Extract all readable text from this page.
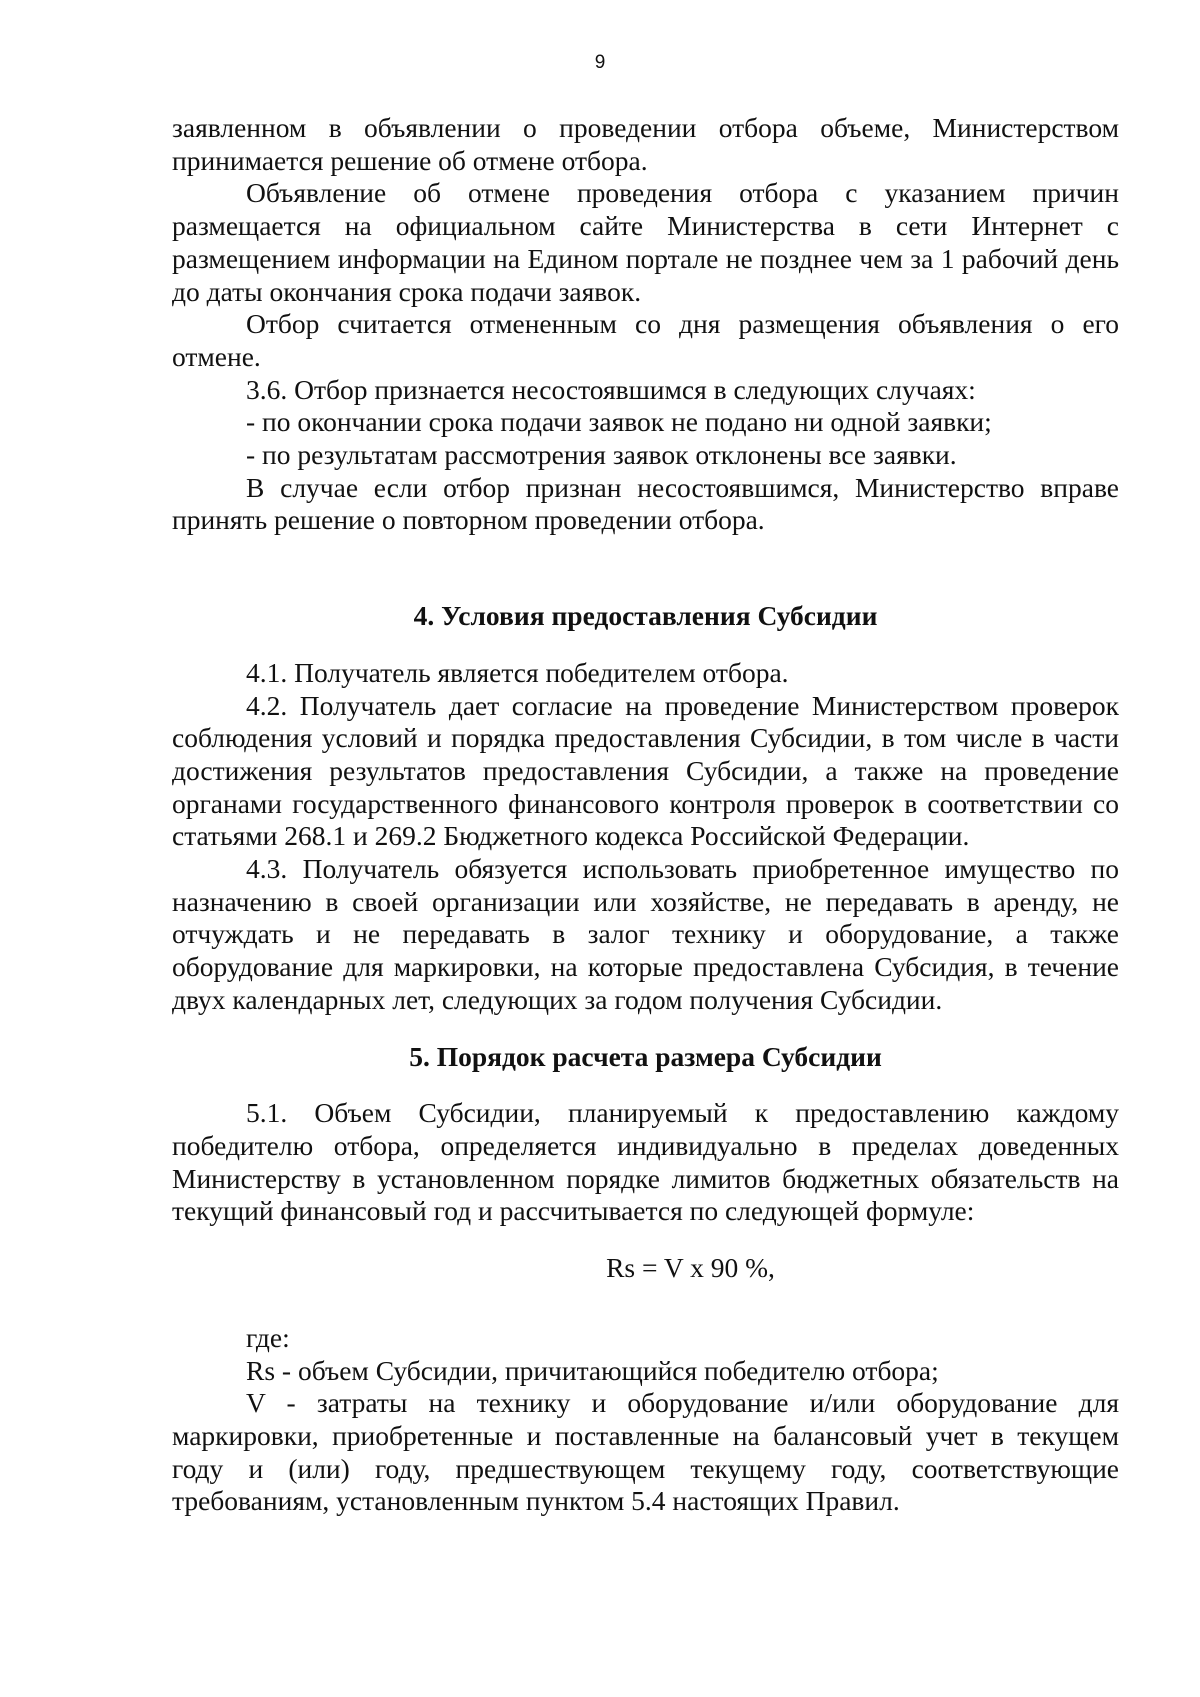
9

заявленном в объявлении о проведении отбора объеме, Министерством принимается решение об отмене отбора.

Объявление об отмене проведения отбора с указанием причин размещается на официальном сайте Министерства в сети Интернет с размещением информации на Едином портале не позднее чем за 1 рабочий день до даты окончания срока подачи заявок.

Отбор считается отмененным со дня размещения объявления о его отмене.

3.6. Отбор признается несостоявшимся в следующих случаях:

- по окончании срока подачи заявок не подано ни одной заявки;

- по результатам рассмотрения заявок отклонены все заявки.

В случае если отбор признан несостоявшимся, Министерство вправе принять решение о повторном проведении отбора.

4. Условия предоставления Субсидии

4.1. Получатель является победителем отбора.

4.2. Получатель дает согласие на проведение Министерством проверок соблюдения условий и порядка предоставления Субсидии, в том числе в части достижения результатов предоставления Субсидии, а также на проведение органами государственного финансового контроля проверок в соответствии со статьями 268.1 и 269.2 Бюджетного кодекса Российской Федерации.

4.3. Получатель обязуется использовать приобретенное имущество по назначению в своей организации или хозяйстве, не передавать в аренду, не отчуждать и не передавать в залог технику и оборудование, а также оборудование для маркировки, на которые предоставлена Субсидия, в течение двух календарных лет, следующих за годом получения Субсидии.

5. Порядок расчета размера Субсидии

5.1. Объем Субсидии, планируемый к предоставлению каждому победителю отбора, определяется индивидуально в пределах доведенных Министерству в установленном порядке лимитов бюджетных обязательств на текущий финансовый год и рассчитывается по следующей формуле:

Rs = V x 90 %,

где:

Rs - объем Субсидии, причитающийся победителю отбора;

V - затраты на технику и оборудование и/или оборудование для маркировки, приобретенные и поставленные на балансовый учет в текущем году и (или) году, предшествующем текущему году, соответствующие требованиям, установленным пунктом 5.4 настоящих Правил.
